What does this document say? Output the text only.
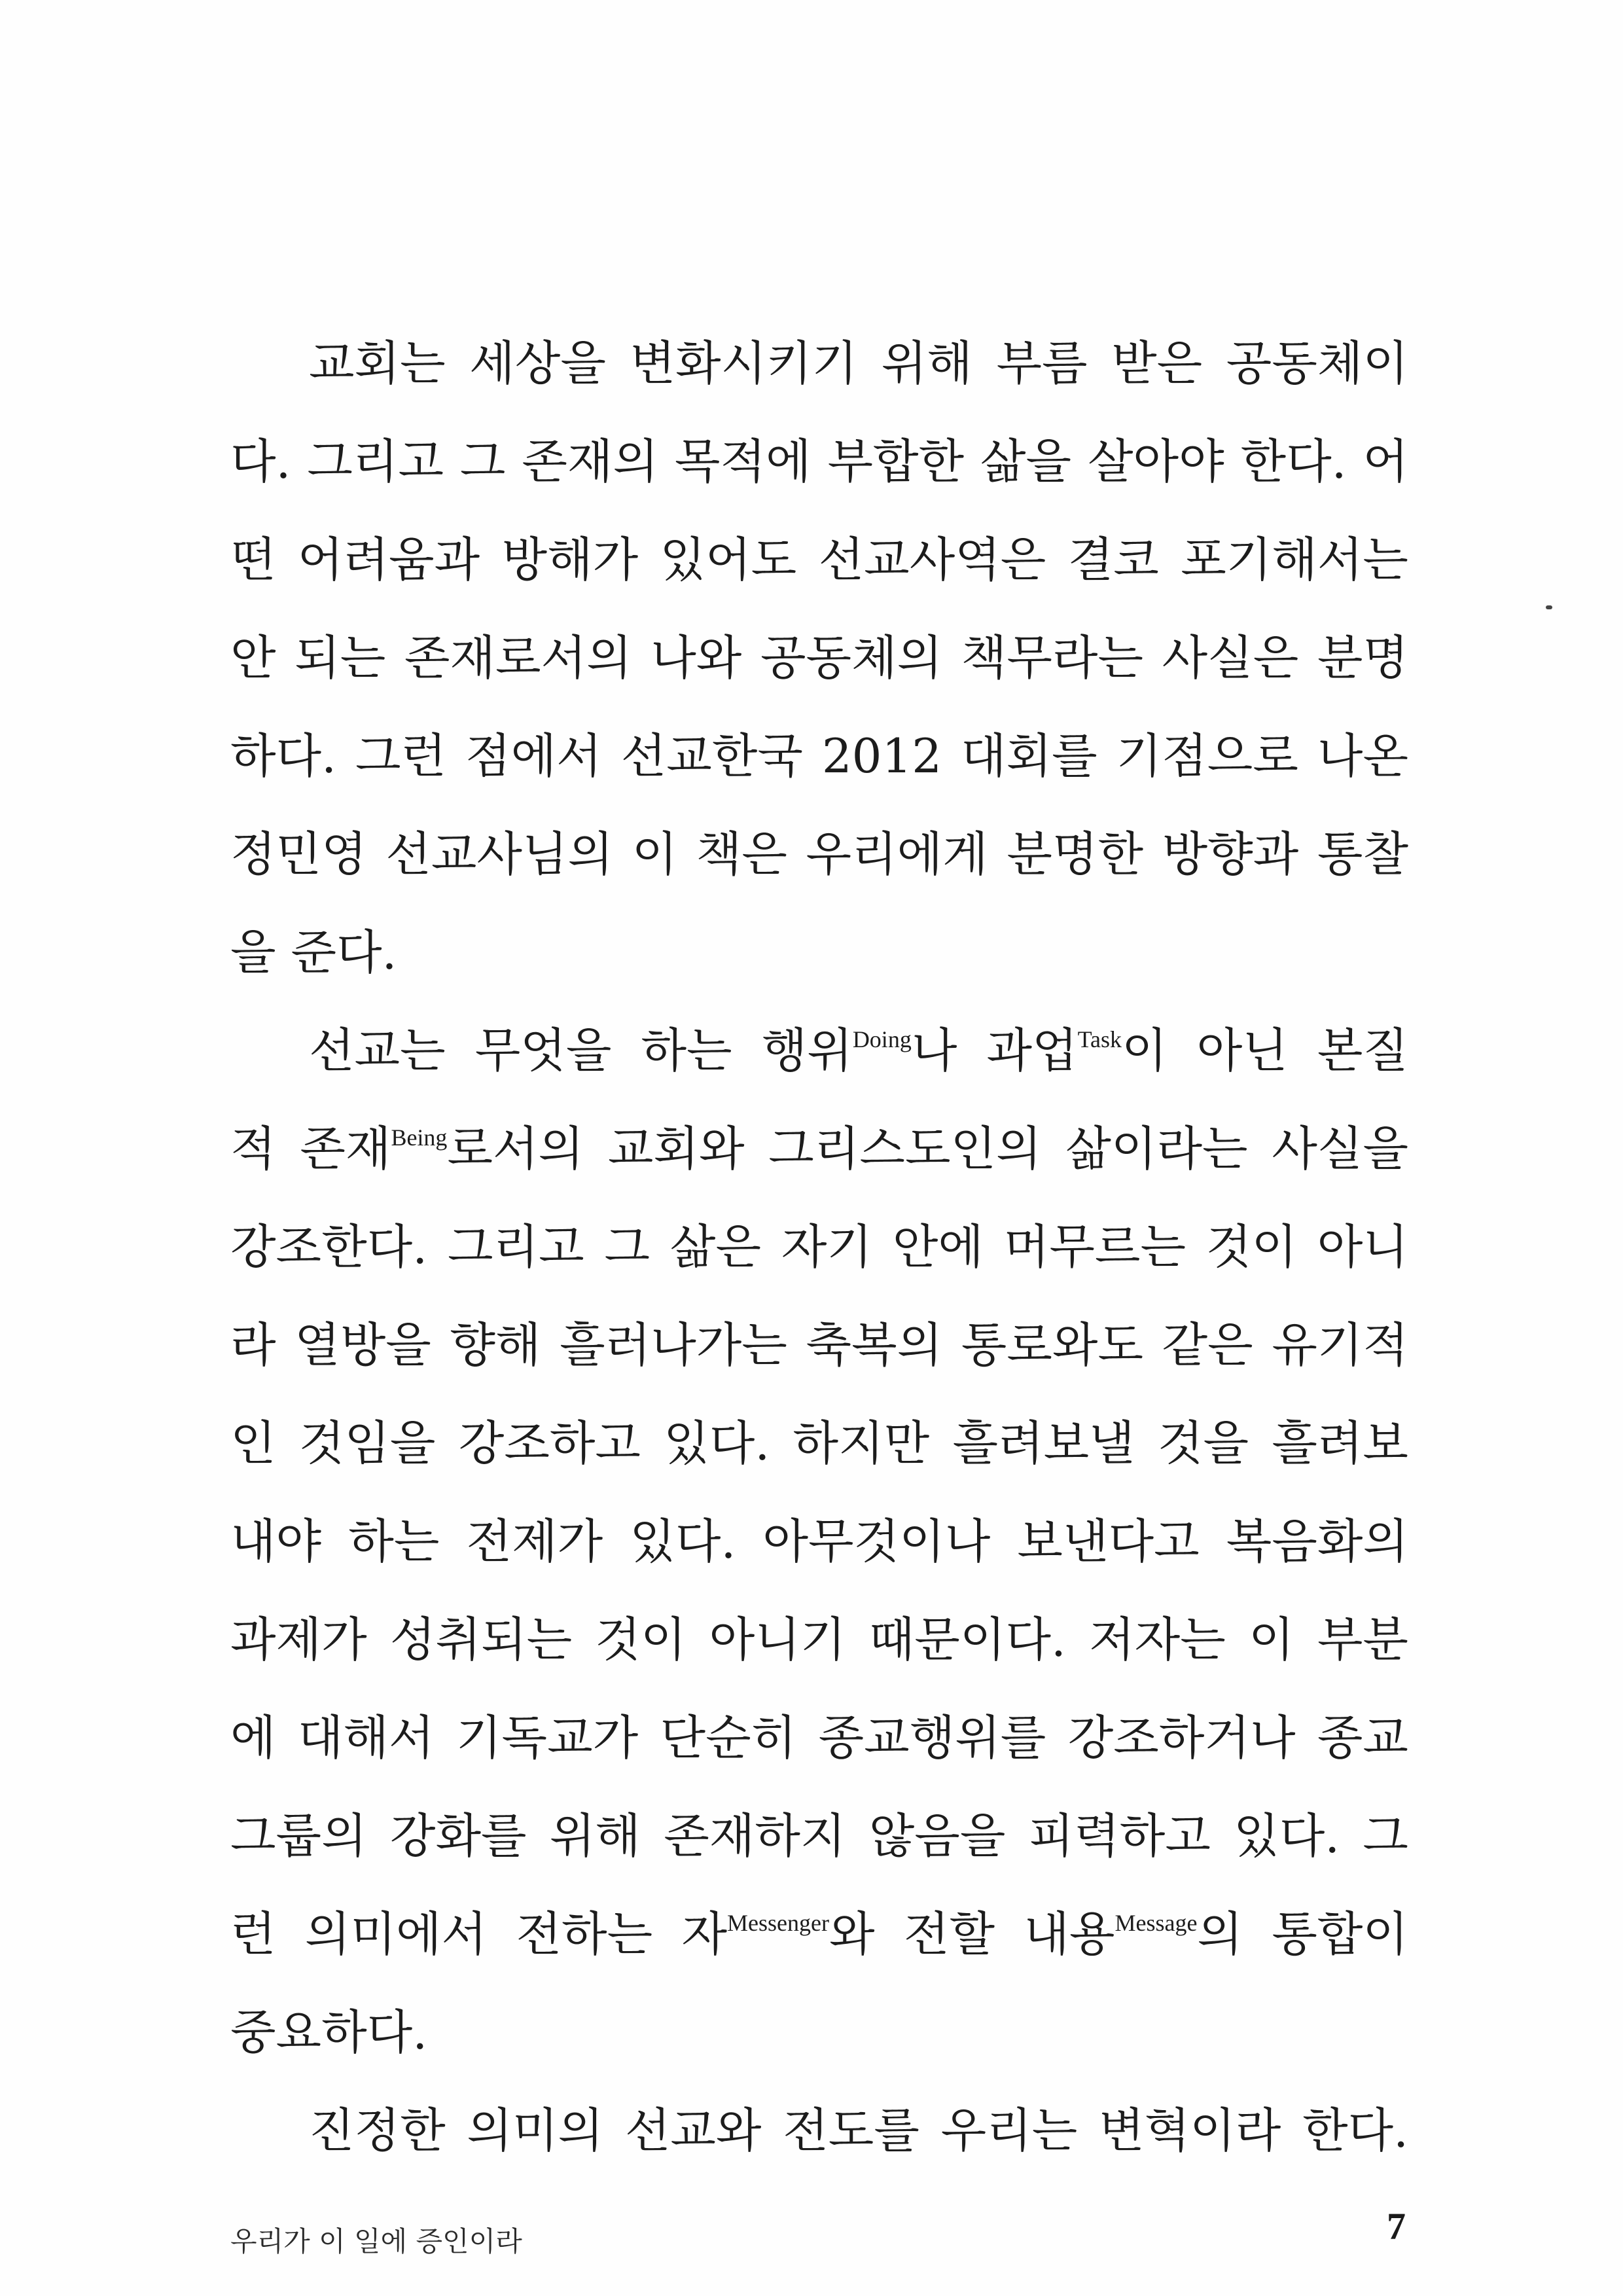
교회는 세상을 변화시키기 위해 부름 받은 공동체이
다. 그리고 그 존재의 목적에 부합한 삶을 살아야 한다. 어
떤 어려움과 방해가 있어도 선교사역은 결코 포기해서는
안 되는 존재로서의 나와 공동체의 책무라는 사실은 분명
하다. 그런 점에서 선교한국 2012 대회를 기점으로 나온
정민영 선교사님의 이 책은 우리에게 분명한 방향과 통찰
을 준다.
선교는 무엇을 하는 행위$^{Doing}$나 과업$^{Task}$이 아닌 본질
적 존재$^{Being}$로서의 교회와 그리스도인의 삶이라는 사실을
강조한다. 그리고 그 삶은 자기 안에 머무르는 것이 아니
라 열방을 향해 흘러나가는 축복의 통로와도 같은 유기적
인 것임을 강조하고 있다. 하지만 흘려보낼 것을 흘려보
내야 하는 전제가 있다. 아무것이나 보낸다고 복음화의
과제가 성취되는 것이 아니기 때문이다. 저자는 이 부분
에 대해서 기독교가 단순히 종교행위를 강조하거나 종교
그룹의 강화를 위해 존재하지 않음을 피력하고 있다. 그
런 의미에서 전하는 자$^{Messenger}$와 전할 내용$^{Message}$의 통합이
중요하다.
진정한 의미의 선교와 전도를 우리는 변혁이라 한다.
우리가 이 일에 증인이라	7
